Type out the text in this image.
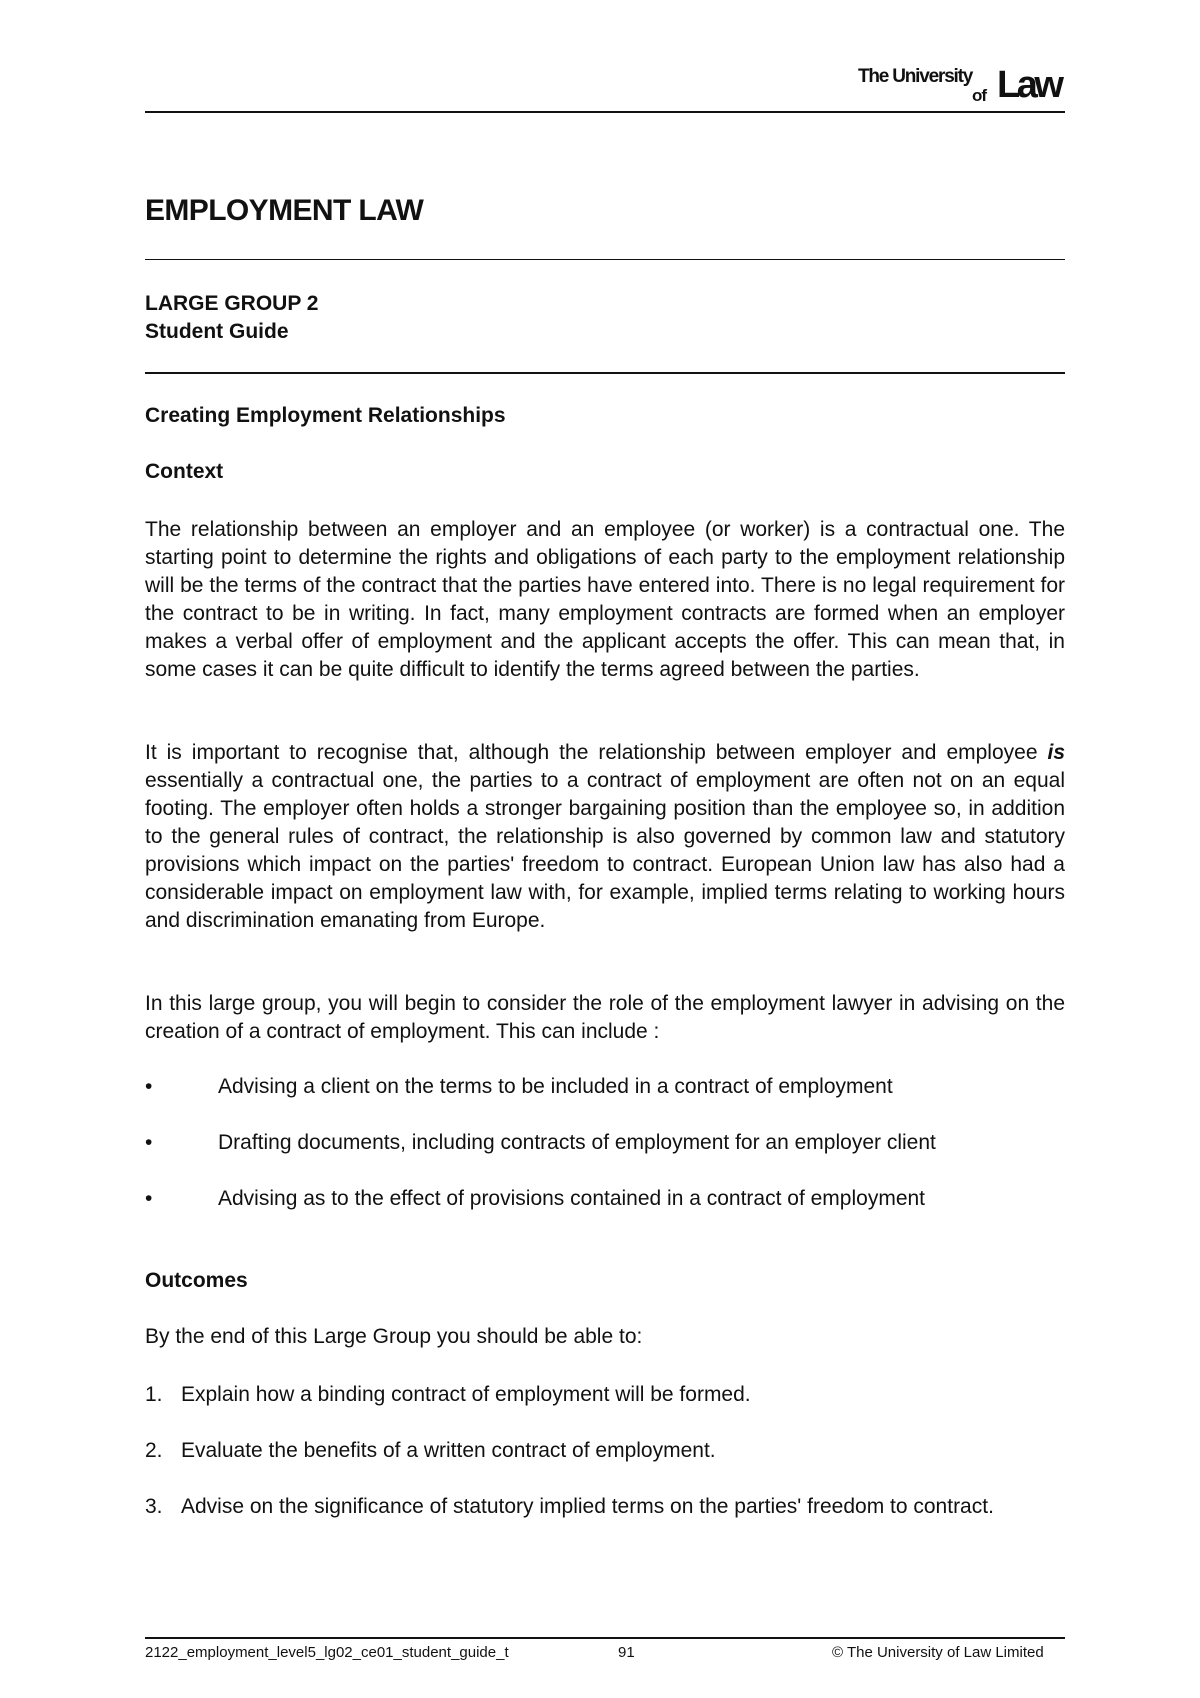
The University
of Law
EMPLOYMENT LAW
LARGE GROUP 2
Student Guide
Creating Employment Relationships
Context

The relationship between an employer and an employee (or worker) is a contractual one. The starting point to determine the rights and obligations of each party to the employment relationship will be the terms of the contract that the parties have entered into. There is no legal requirement for the contract to be in writing. In fact, many employment contracts are formed when an employer makes a verbal offer of employment and the applicant accepts the offer. This can mean that, in some cases it can be quite difficult to identify the terms agreed between the parties.

It is important to recognise that, although the relationship between employer and employee is essentially a contractual one, the parties to a contract of employment are often not on an equal footing. The employer often holds a stronger bargaining position than the employee so, in addition to the general rules of contract, the relationship is also governed by common law and statutory provisions which impact on the parties' freedom to contract. European Union law has also had a considerable impact on employment law with, for example, implied terms relating to working hours and discrimination emanating from Europe.

In this large group, you will begin to consider the role of the employment lawyer in advising on the creation of a contract of employment. This can include :

•	Advising a client on the terms to be included in a contract of employment
•	Drafting documents, including contracts of employment for an employer client
•	Advising as to the effect of provisions contained in a contract of employment
Outcomes
By the end of this Large Group you should be able to:
1. Explain how a binding contract of employment will be formed.
2. Evaluate the benefits of a written contract of employment.
3. Advise on the significance of statutory implied terms on the parties' freedom to contract.
2122_employment_level5_lg02_ce01_student_guide_t	91	© The University of Law Limited
